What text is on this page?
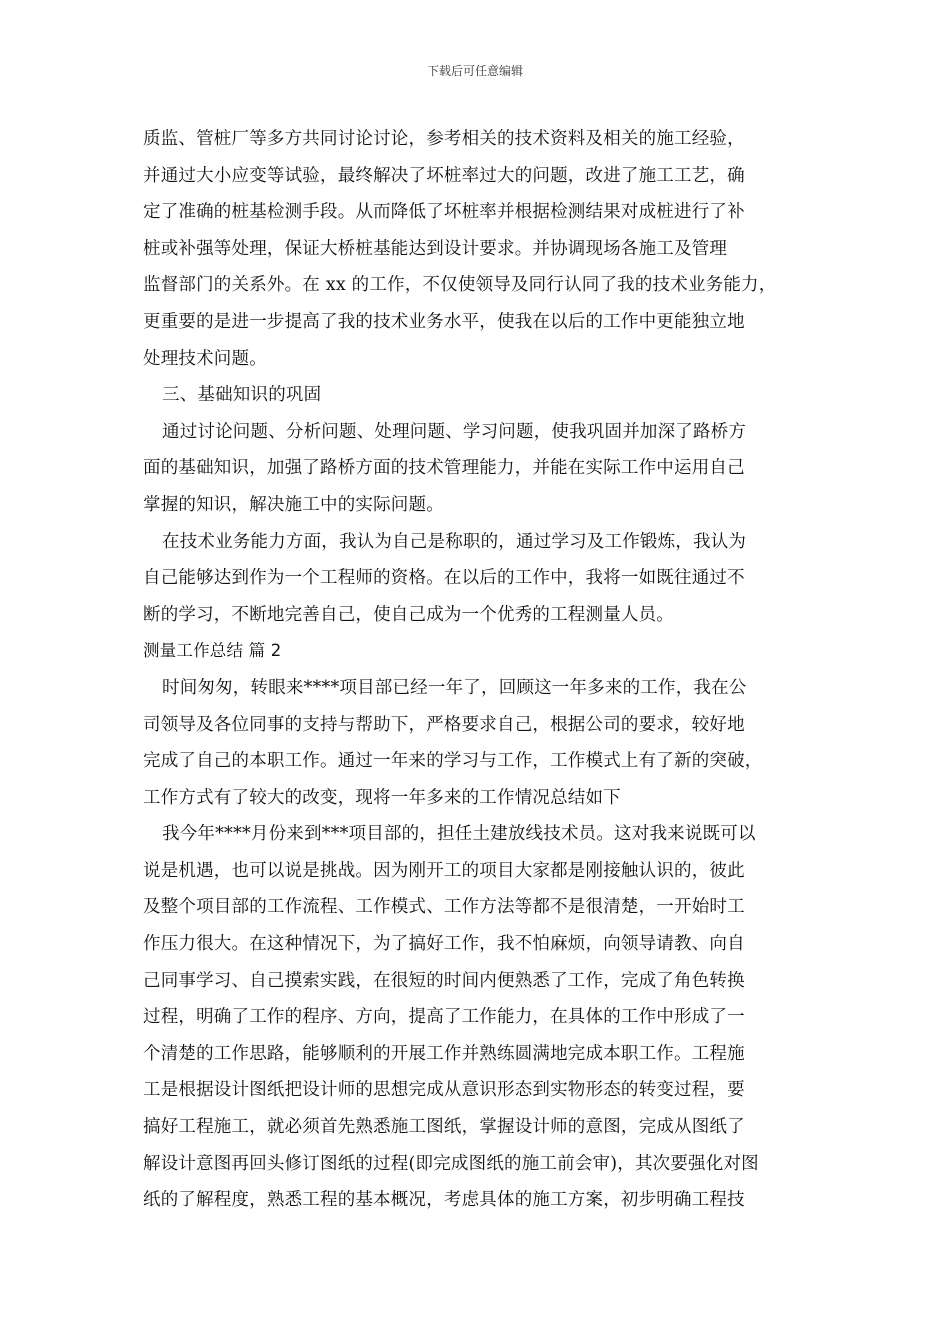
下载后可任意编辑
质监、管桩厂等多方共同讨论讨论，参考相关的技术资料及相关的施工经验，
并通过大小应变等试验，最终解决了坏桩率过大的问题，改进了施工工艺，确
定了准确的桩基检测手段。从而降低了坏桩率并根据检测结果对成桩进行了补
桩或补强等处理，保证大桥桩基能达到设计要求。并协调现场各施工及管理
监督部门的关系外。在 xx 的工作，不仅使领导及同行认同了我的技术业务能力，
更重要的是进一步提高了我的技术业务水平，使我在以后的工作中更能独立地
处理技术问题。
三、基础知识的巩固
通过讨论问题、分析问题、处理问题、学习问题，使我巩固并加深了路桥方
面的基础知识，加强了路桥方面的技术管理能力，并能在实际工作中运用自己
掌握的知识，解决施工中的实际问题。
在技术业务能力方面，我认为自己是称职的，通过学习及工作锻炼，我认为
自己能够达到作为一个工程师的资格。在以后的工作中，我将一如既往通过不
断的学习，不断地完善自己，使自己成为一个优秀的工程测量人员。
测量工作总结 篇 2
时间匆匆，转眼来****项目部已经一年了，回顾这一年多来的工作，我在公
司领导及各位同事的支持与帮助下，严格要求自己，根据公司的要求，较好地
完成了自己的本职工作。通过一年来的学习与工作，工作模式上有了新的突破，
工作方式有了较大的改变，现将一年多来的工作情况总结如下
我今年****月份来到***项目部的，担任土建放线技术员。这对我来说既可以
说是机遇，也可以说是挑战。因为刚开工的项目大家都是刚接触认识的，彼此
及整个项目部的工作流程、工作模式、工作方法等都不是很清楚，一开始时工
作压力很大。在这种情况下，为了搞好工作，我不怕麻烦，向领导请教、向自
己同事学习、自己摸索实践，在很短的时间内便熟悉了工作，完成了角色转换
过程，明确了工作的程序、方向，提高了工作能力，在具体的工作中形成了一
个清楚的工作思路，能够顺利的开展工作并熟练圆满地完成本职工作。工程施
工是根据设计图纸把设计师的思想完成从意识形态到实物形态的转变过程，要
搞好工程施工，就必须首先熟悉施工图纸，掌握设计师的意图，完成从图纸了
解设计意图再回头修订图纸的过程(即完成图纸的施工前会审)，其次要强化对图
纸的了解程度，熟悉工程的基本概况，考虑具体的施工方案，初步明确工程技
